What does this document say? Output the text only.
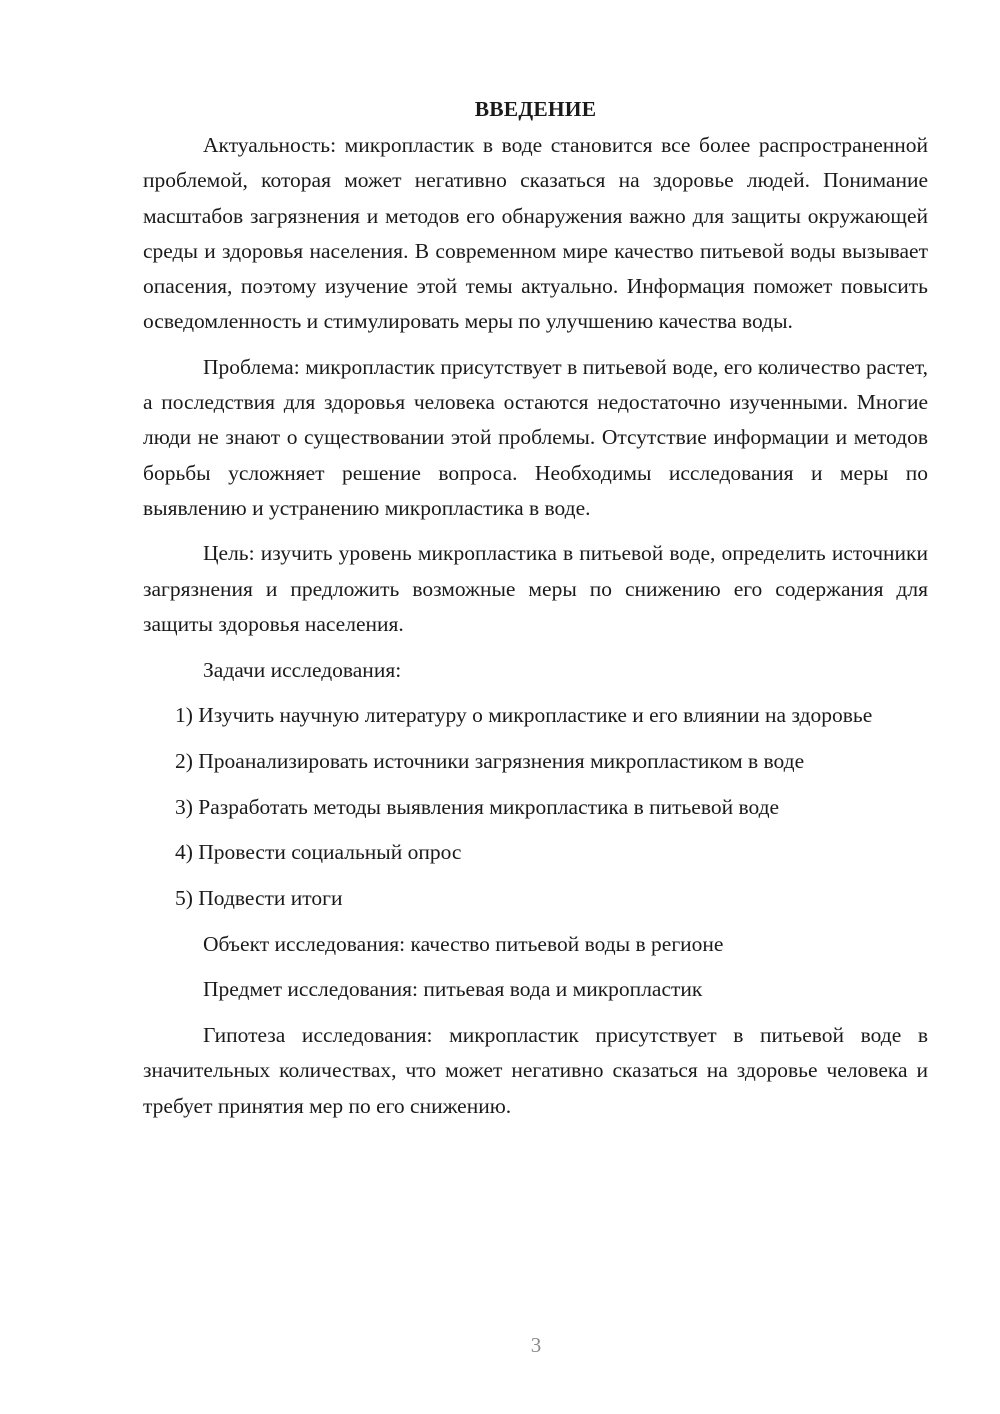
ВВЕДЕНИЕ

Актуальность: микропластик в воде становится все более распространенной проблемой, которая может негативно сказаться на здоровье людей. Понимание масштабов загрязнения и методов его обнаружения важно для защиты окружающей среды и здоровья населения. В современном мире качество питьевой воды вызывает опасения, поэтому изучение этой темы актуально. Информация поможет повысить осведомленность и стимулировать меры по улучшению качества воды.

Проблема: микропластик присутствует в питьевой воде, его количество растет, а последствия для здоровья человека остаются недостаточно изученными. Многие люди не знают о существовании этой проблемы. Отсутствие информации и методов борьбы усложняет решение вопроса. Необходимы исследования и меры по выявлению и устранению микропластика в воде.

Цель: изучить уровень микропластика в питьевой воде, определить источники загрязнения и предложить возможные меры по снижению его содержания для защиты здоровья населения.

Задачи исследования:

1) Изучить научную литературу о микропластике и его влиянии на здоровье

2) Проанализировать источники загрязнения микропластиком в воде

3) Разработать методы выявления микропластика в питьевой воде

4) Провести социальный опрос

5) Подвести итоги

Объект исследования: качество питьевой воды в регионе

Предмет исследования: питьевая вода и микропластик

Гипотеза исследования: микропластик присутствует в питьевой воде в значительных количествах, что может негативно сказаться на здоровье человека и требует принятия мер по его снижению.

3
